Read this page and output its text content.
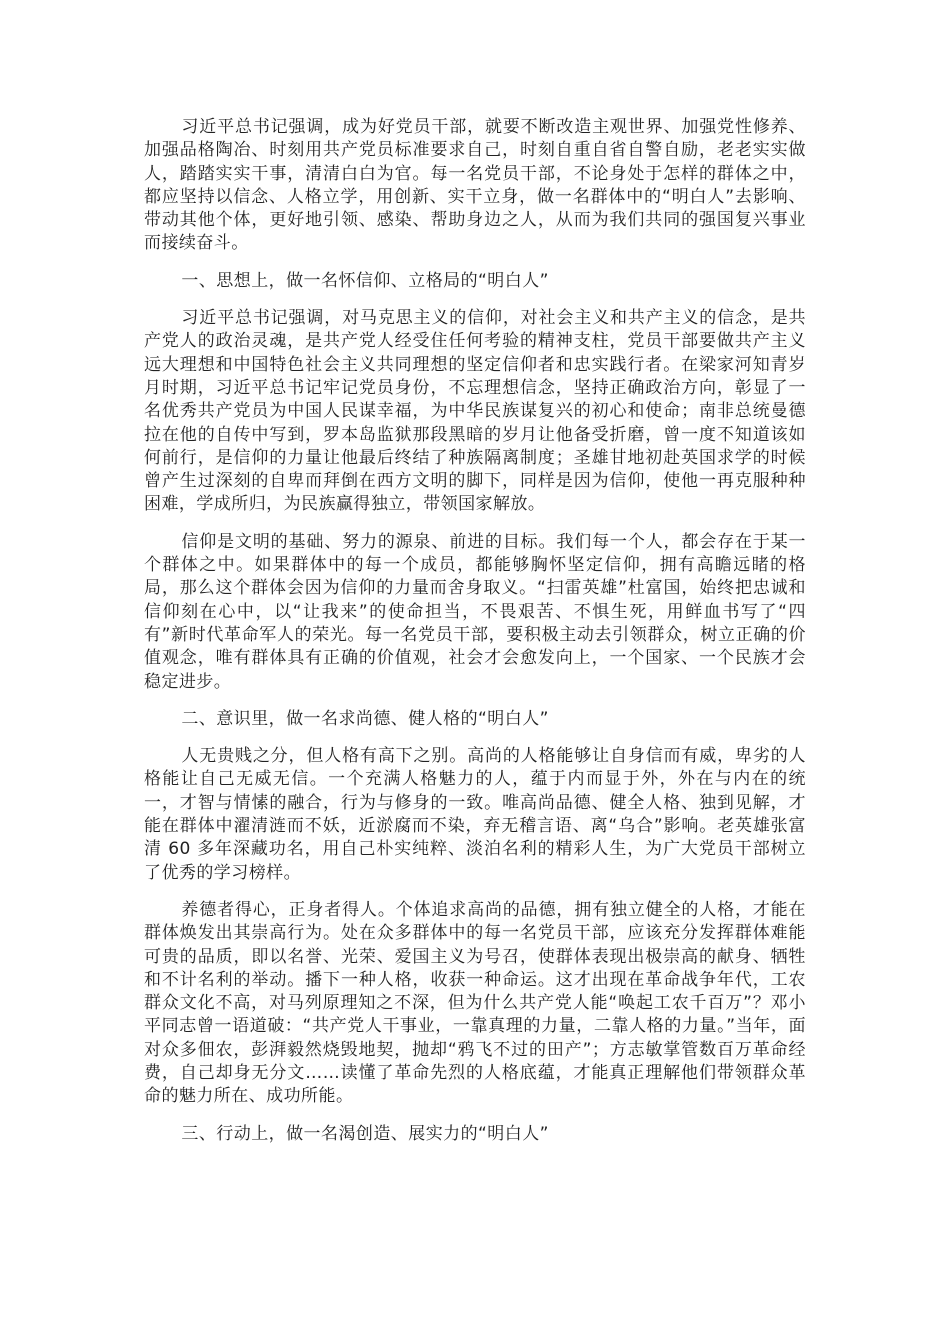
习近平总书记强调，成为好党员干部，就要不断改造主观世界、加强党性修养、加强品格陶冶、时刻用共产党员标准要求自己，时刻自重自省自警自励，老老实实做人，踏踏实实干事，清清白白为官。每一名党员干部，不论身处于怎样的群体之中，都应坚持以信念、人格立学，用创新、实干立身，做一名群体中的“明白人”去影响、带动其他个体，更好地引领、感染、帮助身边之人，从而为我们共同的强国复兴事业而接续奋斗。

一、思想上，做一名怀信仰、立格局的“明白人”

习近平总书记强调，对马克思主义的信仰，对社会主义和共产主义的信念，是共产党人的政治灵魂，是共产党人经受住任何考验的精神支柱，党员干部要做共产主义远大理想和中国特色社会主义共同理想的坚定信仰者和忠实践行者。在梁家河知青岁月时期，习近平总书记牢记党员身份，不忘理想信念，坚持正确政治方向，彰显了一名优秀共产党员为中国人民谋幸福，为中华民族谋复兴的初心和使命；南非总统曼德拉在他的自传中写到，罗本岛监狱那段黑暗的岁月让他备受折磨，曾一度不知道该如何前行，是信仰的力量让他最后终结了种族隔离制度；圣雄甘地初赴英国求学的时候曾产生过深刻的自卑而拜倒在西方文明的脚下，同样是因为信仰，使他一再克服种种困难，学成所归，为民族赢得独立，带领国家解放。

信仰是文明的基础、努力的源泉、前进的目标。我们每一个人，都会存在于某一个群体之中。如果群体中的每一个成员，都能够胸怀坚定信仰，拥有高瞻远睹的格局，那么这个群体会因为信仰的力量而舍身取义。“扫雷英雄”杜富国，始终把忠诚和信仰刻在心中，以“让我来”的使命担当，不畏艰苦、不惧生死，用鲜血书写了“四有”新时代革命军人的荣光。每一名党员干部，要积极主动去引领群众，树立正确的价值观念，唯有群体具有正确的价值观，社会才会愈发向上，一个国家、一个民族才会稳定进步。

二、意识里，做一名求尚德、健人格的“明白人”

人无贵贱之分，但人格有高下之别。高尚的人格能够让自身信而有威，卑劣的人格能让自己无威无信。一个充满人格魅力的人，蕴于内而显于外，外在与内在的统一，才智与情愫的融合，行为与修身的一致。唯高尚品德、健全人格、独到见解，才能在群体中濯清涟而不妖，近淤腐而不染，弃无稽言语、离“乌合”影响。老英雄张富清 60 多年深藏功名，用自己朴实纯粹、淡泊名利的精彩人生，为广大党员干部树立了优秀的学习榜样。

养德者得心，正身者得人。个体追求高尚的品德，拥有独立健全的人格，才能在群体焕发出其崇高行为。处在众多群体中的每一名党员干部，应该充分发挥群体难能可贵的品质，即以名誉、光荣、爱国主义为号召，使群体表现出极崇高的献身、牺牲和不计名利的举动。播下一种人格，收获一种命运。这才出现在革命战争年代，工农群众文化不高，对马列原理知之不深，但为什么共产党人能“唤起工农千百万”？邓小平同志曾一语道破：“共产党人干事业，一靠真理的力量，二靠人格的力量。”当年，面对众多佃农，彭湃毅然烧毁地契，抛却“鸦飞不过的田产”；方志敏掌管数百万革命经费，自己却身无分文……读懂了革命先烈的人格底蕴，才能真正理解他们带领群众革命的魅力所在、成功所能。

三、行动上，做一名渴创造、展实力的“明白人”
